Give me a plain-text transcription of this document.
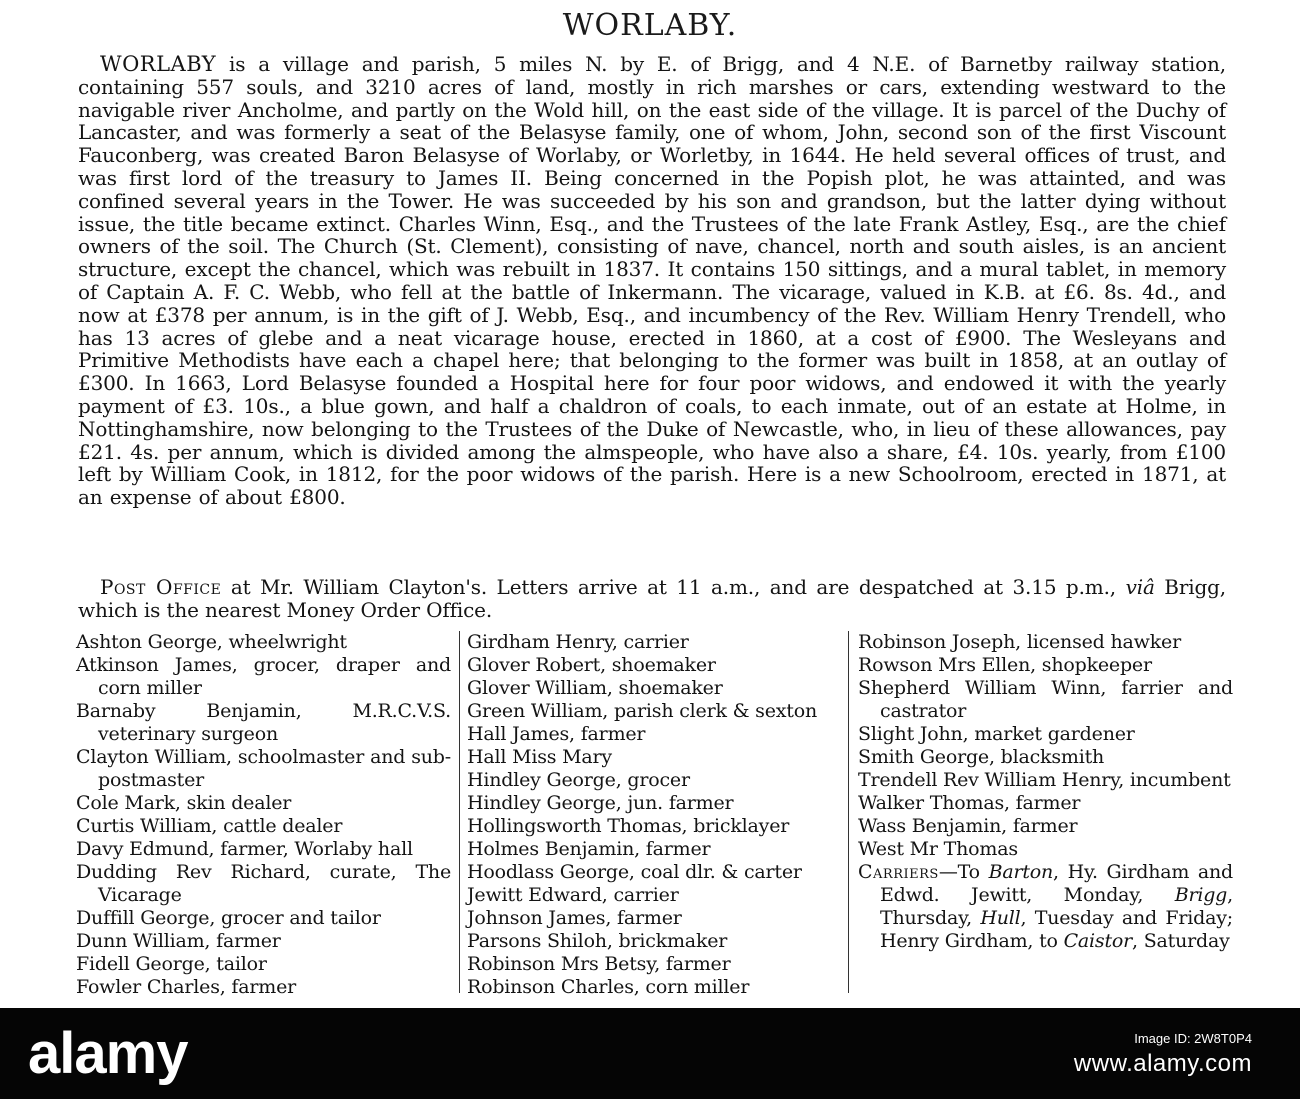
WORLABY.
WORLABY is a village and parish, 5 miles N. by E. of Brigg, and 4 N.E. of Barnetby railway station, containing 557 souls, and 3210 acres of land, mostly in rich marshes or cars, extending westward to the navigable river Ancholme, and partly on the Wold hill, on the east side of the village. It is parcel of the Duchy of Lancaster, and was formerly a seat of the Belasyse family, one of whom, John, second son of the first Viscount Fauconberg, was created Baron Belasyse of Worlaby, or Worletby, in 1644. He held several offices of trust, and was first lord of the treasury to James II. Being concerned in the Popish plot, he was attainted, and was confined several years in the Tower. He was succeeded by his son and grandson, but the latter dying without issue, the title became extinct. Charles Winn, Esq., and the Trustees of the late Frank Astley, Esq., are the chief owners of the soil. The Church (St. Clement), consisting of nave, chancel, north and south aisles, is an ancient structure, except the chancel, which was rebuilt in 1837. It contains 150 sittings, and a mural tablet, in memory of Captain A. F. C. Webb, who fell at the battle of Inkermann. The vicarage, valued in K.B. at £6. 8s. 4d., and now at £378 per annum, is in the gift of J. Webb, Esq., and incumbency of the Rev. William Henry Trendell, who has 13 acres of glebe and a neat vicarage house, erected in 1860, at a cost of £900. The Wesleyans and Primitive Methodists have each a chapel here; that belonging to the former was built in 1858, at an outlay of £300. In 1663, Lord Belasyse founded a Hospital here for four poor widows, and endowed it with the yearly payment of £3. 10s., a blue gown, and half a chaldron of coals, to each inmate, out of an estate at Holme, in Nottinghamshire, now belonging to the Trustees of the Duke of Newcastle, who, in lieu of these allowances, pay £21. 4s. per annum, which is divided among the almspeople, who have also a share, £4. 10s. yearly, from £100 left by William Cook, in 1812, for the poor widows of the parish. Here is a new Schoolroom, erected in 1871, at an expense of about £800.
Post Office at Mr. William Clayton's. Letters arrive at 11 a.m., and are despatched at 3.15 p.m., viâ Brigg, which is the nearest Money Order Office.
Ashton George, wheelwright
Atkinson James, grocer, draper and corn miller
Barnaby Benjamin, M.R.C.V.S. veterinary surgeon
Clayton William, schoolmaster and sub-postmaster
Cole Mark, skin dealer
Curtis William, cattle dealer
Davy Edmund, farmer, Worlaby hall
Dudding Rev Richard, curate, The Vicarage
Duffill George, grocer and tailor
Dunn William, farmer
Fidell George, tailor
Fowler Charles, farmer
Girdham Henry, carrier
Glover Robert, shoemaker
Glover William, shoemaker
Green William, parish clerk & sexton
Hall James, farmer
Hall Miss Mary
Hindley George, grocer
Hindley George, jun. farmer
Hollingsworth Thomas, bricklayer
Holmes Benjamin, farmer
Hoodlass George, coal dlr. & carter
Jewitt Edward, carrier
Johnson James, farmer
Parsons Shiloh, brickmaker
Robinson Mrs Betsy, farmer
Robinson Charles, corn miller
Robinson Joseph, licensed hawker
Rowson Mrs Ellen, shopkeeper
Shepherd William Winn, farrier and castrator
Slight John, market gardener
Smith George, blacksmith
Trendell Rev William Henry, incumbent
Walker Thomas, farmer
Wass Benjamin, farmer
West Mr Thomas
Carriers—To Barton, Hy. Girdham and Edwd. Jewitt, Monday, Brigg, Thursday, Hull, Tuesday and Friday; Henry Girdham, to Caistor, Saturday
alamy	Image ID: 2W8T0P4
www.alamy.com
